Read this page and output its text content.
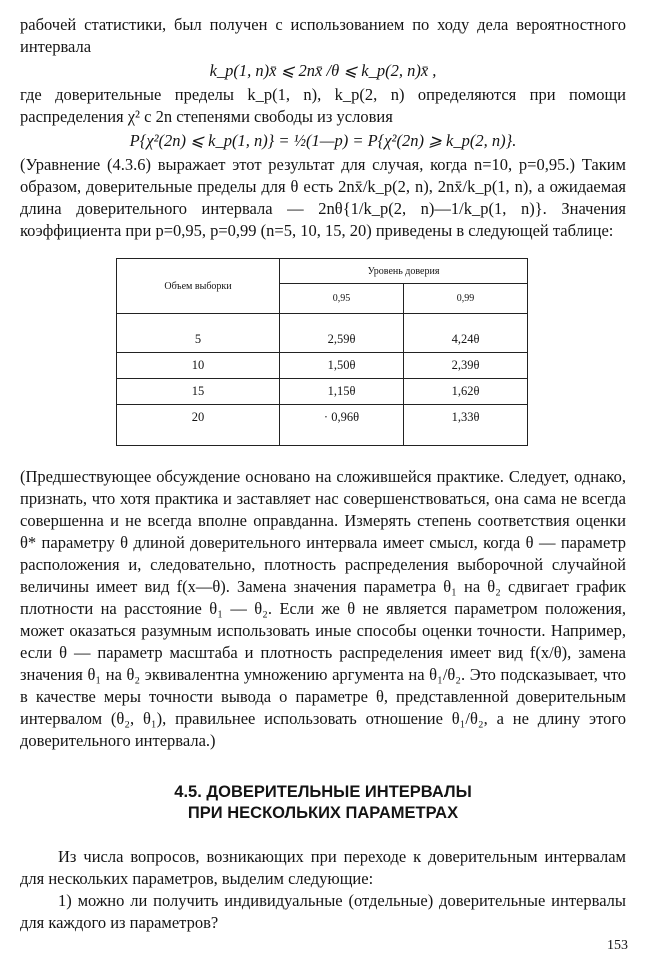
рабочей статистики, был получен с использованием по ходу дела вероятностного интервала

k_p(1, n)x̄ ⩽ 2nx̄ /θ ⩽ k_p(2, n)x̄ ,

где доверительные пределы k_p(1, n), k_p(2, n) определяются при помощи распределения χ² с 2n степенями свободы из условия

P{χ²(2n) ⩽ k_p(1, n)} = ½(1—p) = P{χ²(2n) ⩾ k_p(2, n)}.

(Уравнение (4.3.6) выражает этот результат для случая, когда n=10, p=0,95.) Таким образом, доверительные пределы для θ есть 2nx̄/k_p(2, n), 2nx̄/k_p(1, n), а ожидаемая длина доверительного интервала — 2nθ{1/k_p(2, n)—1/k_p(1, n)}. Значения коэффициента при p=0,95, p=0,99 (n=5, 10, 15, 20) приведены в следующей таблице:

Объем выборки	Уровень доверия	
	0,95	0,99
5	2,59θ	4,24θ
10	1,50θ	2,39θ
15	1,15θ	1,62θ
20	· 0,96θ	1,33θ

(Предшествующее обсуждение основано на сложившейся практике. Следует, однако, признать, что хотя практика и заставляет нас совершенствоваться, она сама не всегда совершенна и не всегда вполне оправданна. Измерять степень соответствия оценки θ* параметру θ длиной доверительного интервала имеет смысл, когда θ — параметр расположения и, следовательно, плотность распределения выборочной случайной величины имеет вид f(x—θ). Замена значения параметра θ₁ на θ₂ сдвигает график плотности на расстояние θ₁ — θ₂. Если же θ не является параметром положения, может оказаться разумным использовать иные способы оценки точности. Например, если θ — параметр масштаба и плотность распределения имеет вид f(x/θ), замена значения θ₁ на θ₂ эквивалентна умножению аргумента на θ₁/θ₂. Это подсказывает, что в качестве меры точности вывода о параметре θ, представленной доверительным интервалом (θ₂, θ₁), правильнее использовать отношение θ₁/θ₂, а не длину этого доверительного интервала.)

4.5. ДОВЕРИТЕЛЬНЫЕ ИНТЕРВАЛЫ
ПРИ НЕСКОЛЬКИХ ПАРАМЕТРАХ

Из числа вопросов, возникающих при переходе к доверительным интервалам для нескольких параметров, выделим следующие:

1) можно ли получить индивидуальные (отдельные) доверительные интервалы для каждого из параметров?

153
